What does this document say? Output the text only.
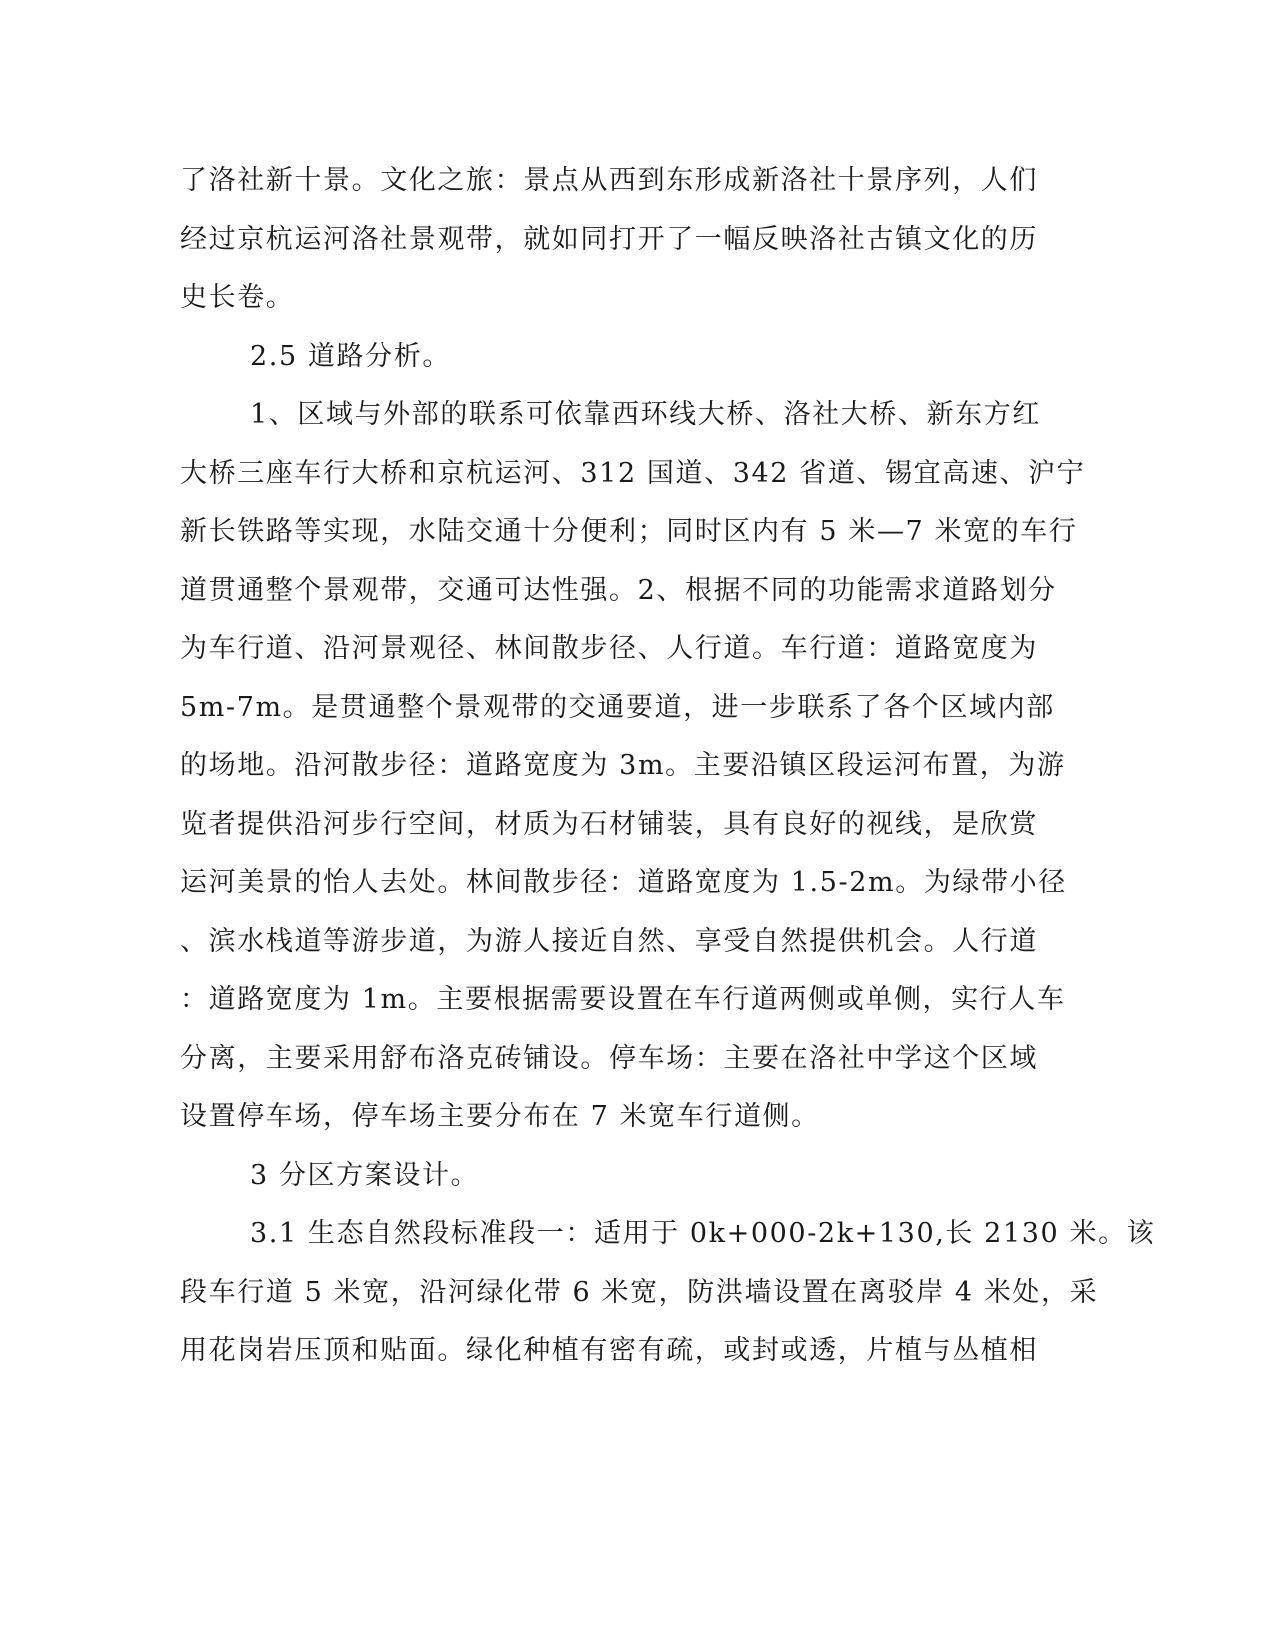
了洛社新十景。文化之旅：景点从西到东形成新洛社十景序列，人们
经过京杭运河洛社景观带，就如同打开了一幅反映洛社古镇文化的历
史长卷。
2.5 道路分析。
1、区域与外部的联系可依靠西环线大桥、洛社大桥、新东方红
大桥三座车行大桥和京杭运河、312 国道、342 省道、锡宜高速、沪宁
新长铁路等实现，水陆交通十分便利；同时区内有 5 米—7 米宽的车行
道贯通整个景观带，交通可达性强。2、根据不同的功能需求道路划分
为车行道、沿河景观径、林间散步径、人行道。车行道：道路宽度为
5m-7m。是贯通整个景观带的交通要道，进一步联系了各个区域内部
的场地。沿河散步径：道路宽度为 3m。主要沿镇区段运河布置，为游
览者提供沿河步行空间，材质为石材铺装，具有良好的视线，是欣赏
运河美景的怡人去处。林间散步径：道路宽度为 1.5-2m。为绿带小径
、滨水栈道等游步道，为游人接近自然、享受自然提供机会。人行道
：道路宽度为 1m。主要根据需要设置在车行道两侧或单侧，实行人车
分离，主要采用舒布洛克砖铺设。停车场：主要在洛社中学这个区域
设置停车场，停车场主要分布在 7 米宽车行道侧。
3 分区方案设计。
3.1 生态自然段标准段一：适用于 0k+000-2k+130,长 2130 米。该
段车行道 5 米宽，沿河绿化带 6 米宽，防洪墙设置在离驳岸 4 米处，采
用花岗岩压顶和贴面。绿化种植有密有疏，或封或透，片植与丛植相
